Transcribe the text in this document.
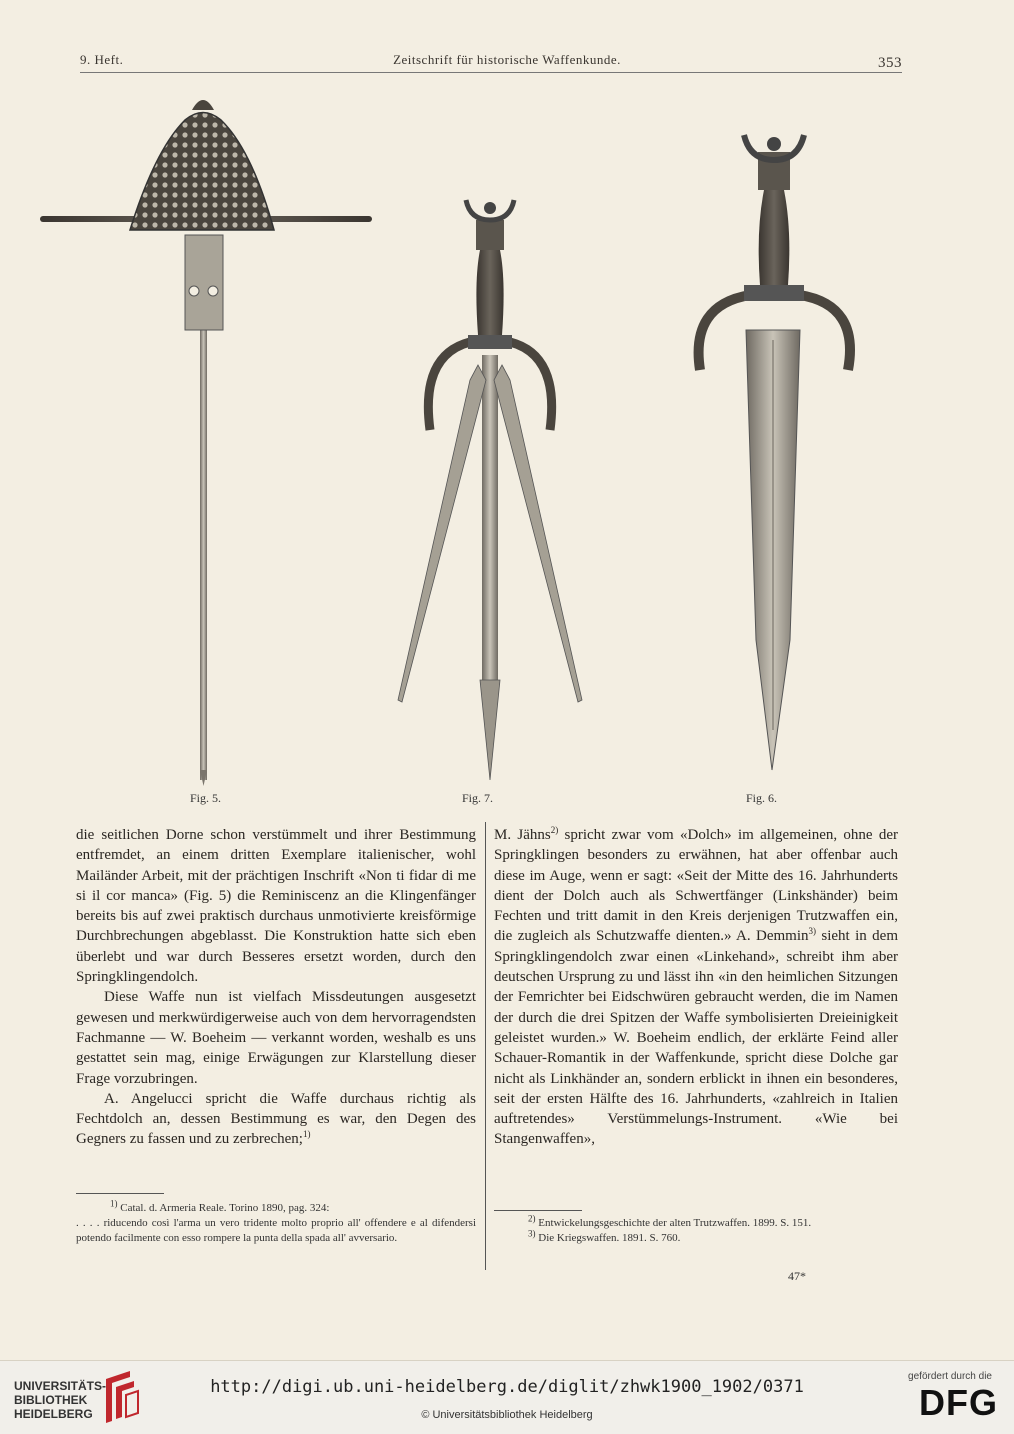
9. Heft.	Zeitschrift für historische Waffenkunde.	353
Fig. 5.	Fig. 7.	Fig. 6.

die seitlichen Dorne schon verstümmelt und ihrer Bestimmung entfremdet, an einem dritten Exemplare italienischer, wohl Mailänder Arbeit, mit der prächtigen Inschrift «Non ti fidar di me si il cor manca» (Fig. 5) die Reminiscenz an die Klingenfänger bereits bis auf zwei praktisch durchaus unmotivierte kreisförmige Durchbrechungen abgeblasst. Die Konstruktion hatte sich eben überlebt und war durch Besseres ersetzt worden, durch den Springklingendolch.

Diese Waffe nun ist vielfach Missdeutungen ausgesetzt gewesen und merkwürdigerweise auch von dem hervorragendsten Fachmanne — W. Boeheim — verkannt worden, weshalb es uns gestattet sein mag, einige Erwägungen zur Klarstellung dieser Frage vorzubringen.

A. Angelucci spricht die Waffe durchaus richtig als Fechtdolch an, dessen Bestimmung es war, den Degen des Gegners zu fassen und zu zerbrechen;$^{1)}$

M. Jähns$^{2)}$ spricht zwar vom «Dolch» im allgemeinen, ohne der Springklingen besonders zu erwähnen, hat aber offenbar auch diese im Auge, wenn er sagt: «Seit der Mitte des 16. Jahrhunderts dient der Dolch auch als Schwertfänger (Linkshänder) beim Fechten und tritt damit in den Kreis derjenigen Trutzwaffen ein, die zugleich als Schutzwaffe dienten.» A. Demmin$^{3)}$ sieht in dem Springklingendolch zwar einen «Linkehand», schreibt ihm aber deutschen Ursprung zu und lässt ihn «in den heimlichen Sitzungen der Femrichter bei Eidschwüren gebraucht werden, die im Namen der durch die drei Spitzen der Waffe symbolisierten Dreieinigkeit geleistet wurden.» W. Boeheim endlich, der erklärte Feind aller Schauer-Romantik in der Waffenkunde, spricht diese Dolche gar nicht als Linkhänder an, sondern erblickt in ihnen ein besonderes, seit der ersten Hälfte des 16. Jahrhunderts, «zahlreich in Italien auftretendes» Verstümmelungs-Instrument. «Wie bei Stangenwaffen»,

$^{1)}$ Catal. d. Armeria Reale. Torino 1890, pag. 324:

. . . . riducendo così l'arma un vero tridente molto proprio all' offendere e al difendersi potendo facilmente con esso rompere la punta della spada all' avversario.

$^{2)}$ Entwickelungsgeschichte der alten Trutzwaffen. 1899. S. 151.

$^{3)}$ Die Kriegswaffen. 1891. S. 760.

47*
UNIVERSITÄTS-
BIBLIOTHEK
HEIDELBERG
http://digi.ub.uni-heidelberg.de/diglit/zhwk1900_1902/0371
© Universitätsbibliothek Heidelberg
gefördert durch die
DFG
